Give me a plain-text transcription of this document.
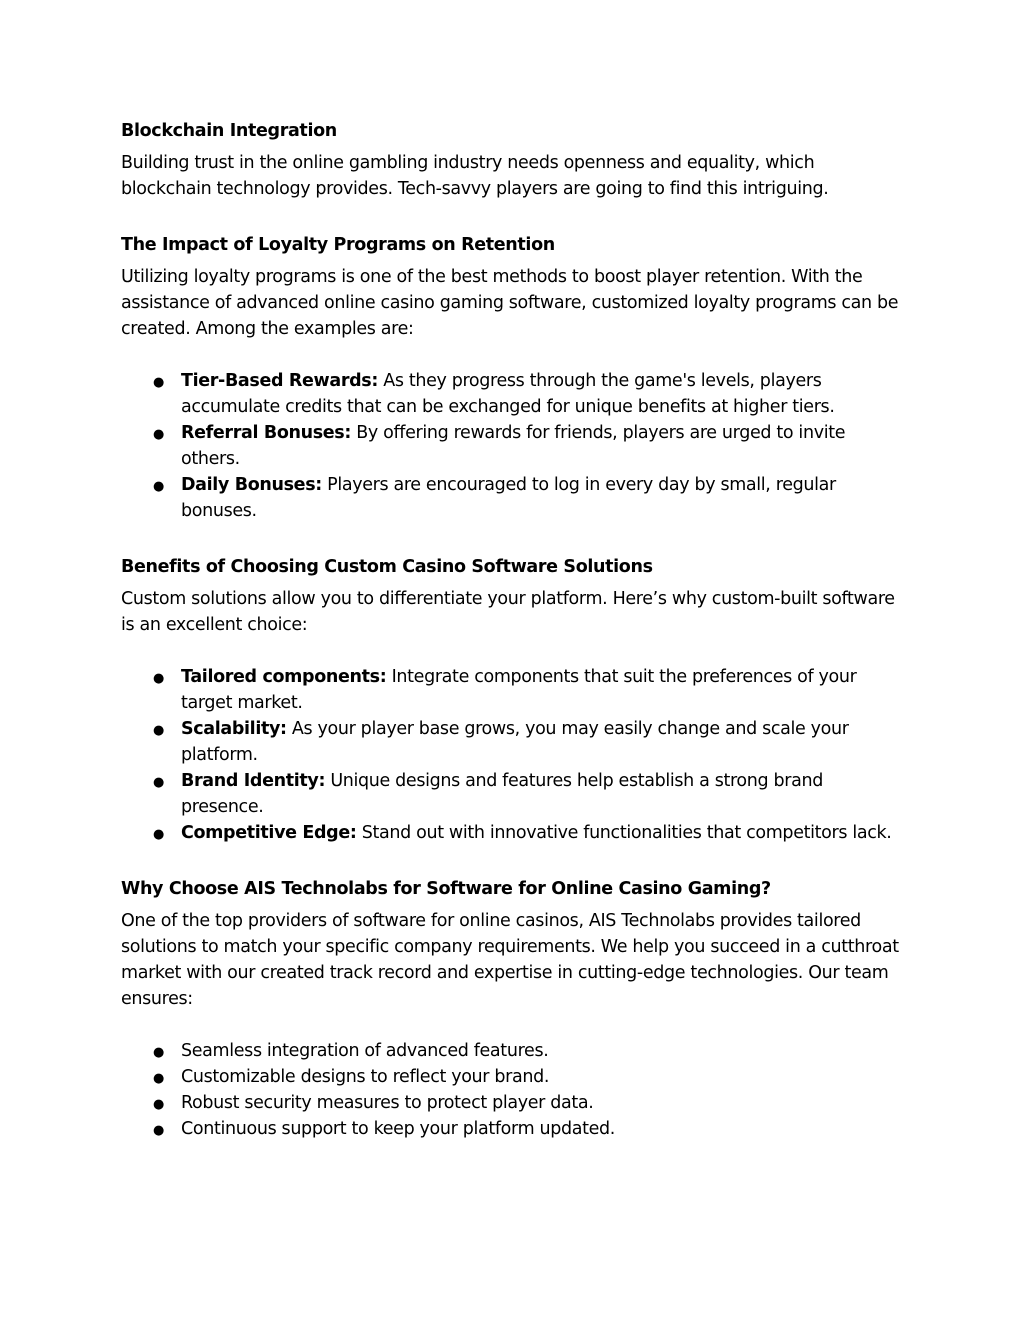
Blockchain Integration

Building trust in the online gambling industry needs openness and equality, which blockchain technology provides. Tech-savvy players are going to find this intriguing.

The Impact of Loyalty Programs on Retention

Utilizing loyalty programs is one of the best methods to boost player retention. With the assistance of advanced online casino gaming software, customized loyalty programs can be created. Among the examples are:

●
Tier-Based Rewards: As they progress through the game's levels, players accumulate credits that can be exchanged for unique benefits at higher tiers.
●
Referral Bonuses: By offering rewards for friends, players are urged to invite others.
●
Daily Bonuses: Players are encouraged to log in every day by small, regular bonuses.
Benefits of Choosing Custom Casino Software Solutions

Custom solutions allow you to differentiate your platform. Here’s why custom-built software is an excellent choice:

●
Tailored components: Integrate components that suit the preferences of your target market.
●
Scalability: As your player base grows, you may easily change and scale your platform.
●
Brand Identity: Unique designs and features help establish a strong brand presence.
●
Competitive Edge: Stand out with innovative functionalities that competitors lack.
Why Choose AIS Technolabs for Software for Online Casino Gaming?

One of the top providers of software for online casinos, AIS Technolabs provides tailored solutions to match your specific company requirements. We help you succeed in a cutthroat market with our created track record and expertise in cutting-edge technologies. Our team ensures:

●
Seamless integration of advanced features.
●
Customizable designs to reflect your brand.
●
Robust security measures to protect player data.
●
Continuous support to keep your platform updated.
